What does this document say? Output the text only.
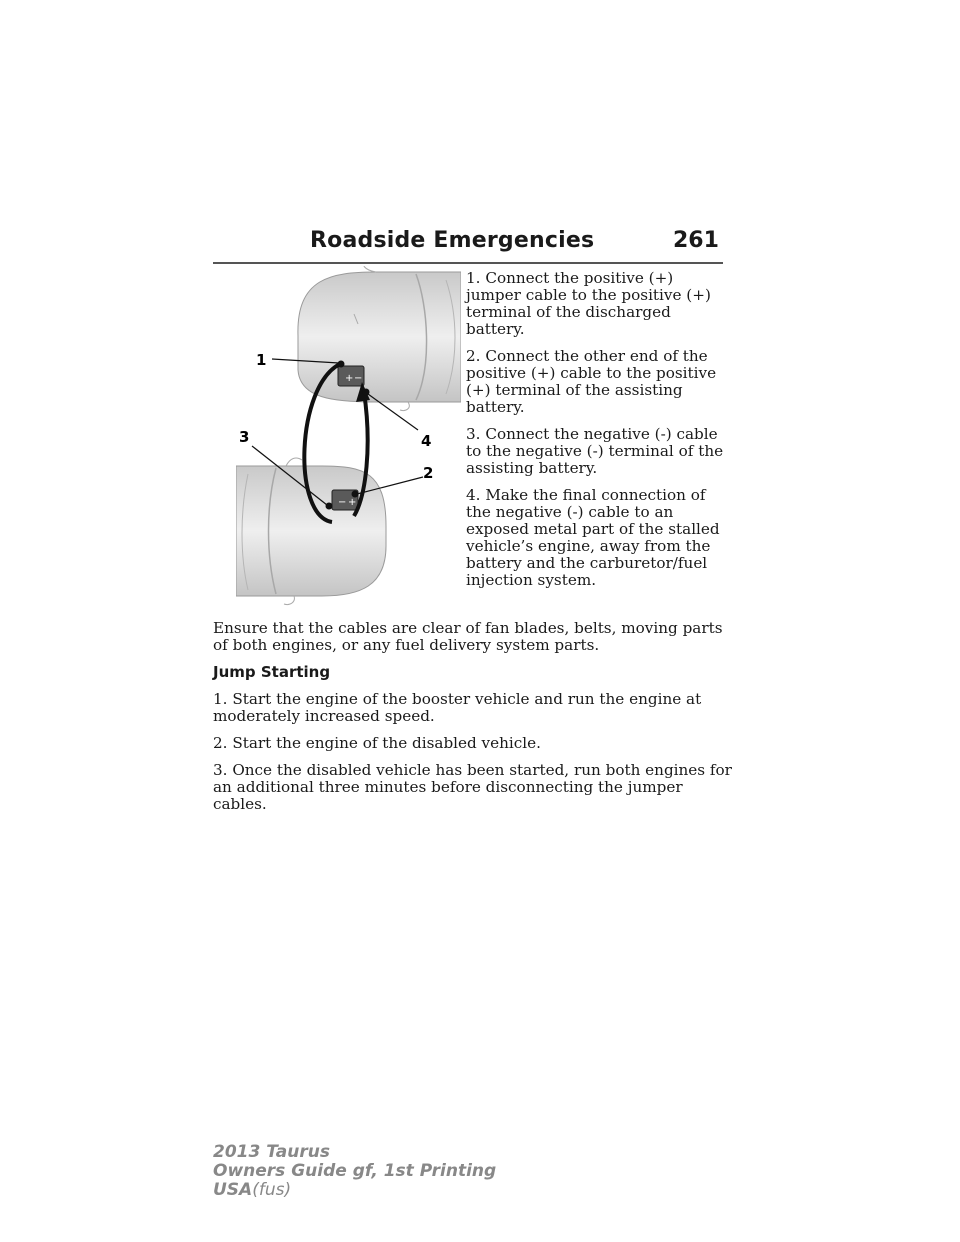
Roadside Emergencies	261
+ −
− +
1
2
3	4

1. Connect the positive (+) jumper cable to the positive (+) terminal of the discharged battery.

2. Connect the other end of the positive (+) cable to the positive (+) terminal of the assisting battery.

3. Connect the negative (-) cable to the negative (-) terminal of the assisting battery.

4. Make the final connection of the negative (-) cable to an exposed metal part of the stalled vehicle’s engine, away from the battery and the carburetor/fuel injection system.

Ensure that the cables are clear of fan blades, belts, moving parts of both engines, or any fuel delivery system parts.

Jump Starting

1. Start the engine of the booster vehicle and run the engine at moderately increased speed.

2. Start the engine of the disabled vehicle.

3. Once the disabled vehicle has been started, run both engines for an additional three minutes before disconnecting the jumper cables.

2013 Taurus
Owners Guide gf, 1st Printing
USA(fus)
